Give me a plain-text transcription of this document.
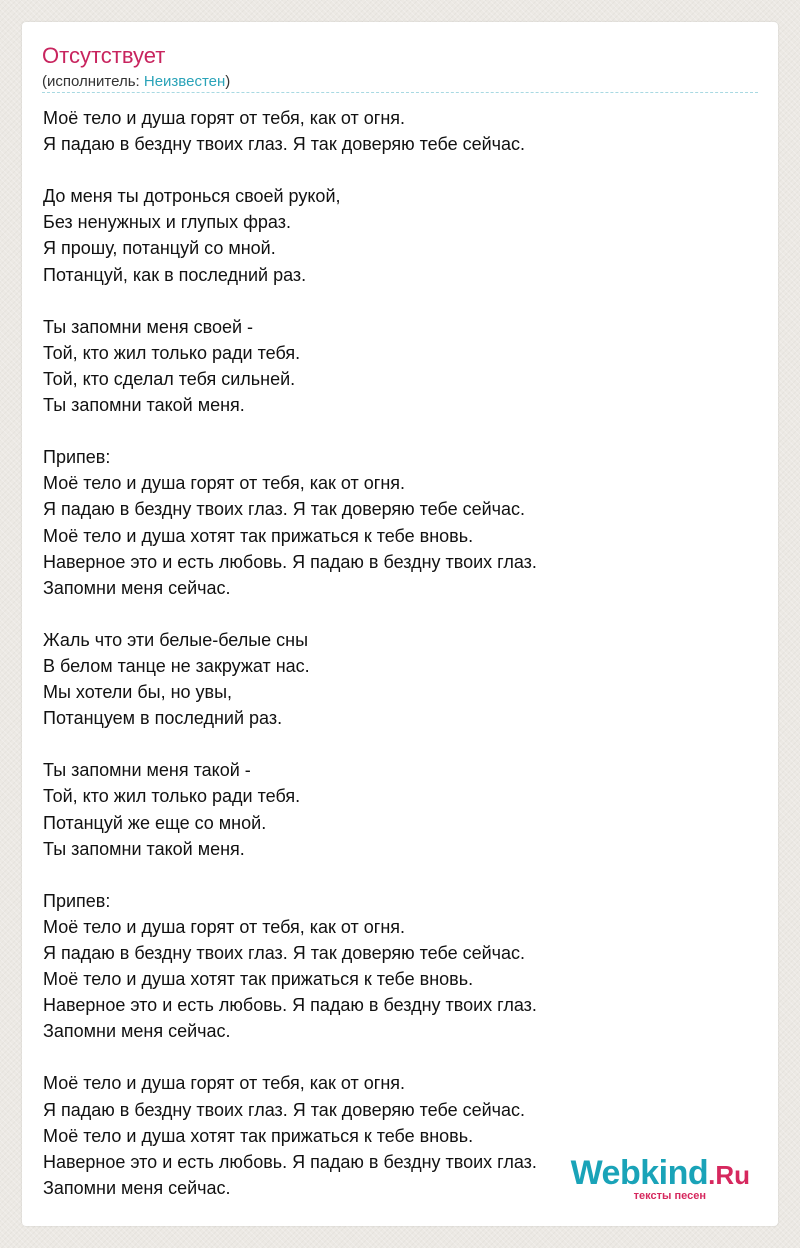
Отсутствует
(исполнитель: Неизвестен)
Моё тело и душа горят от тебя, как от огня.
Я падаю в бездну твоих глаз. Я так доверяю тебе сейчас.
До меня ты дотронься своей рукой,
Без ненужных и глупых фраз.
Я прошу, потанцуй со мной.
Потанцуй, как в последний раз.
Ты запомни меня своей -
Той, кто жил только ради тебя.
Той, кто сделал тебя сильней.
Ты запомни такой меня.
Припев:
Моё тело и душа горят от тебя, как от огня.
Я падаю в бездну твоих глаз. Я так доверяю тебе сейчас.
Моё тело и душа хотят так прижаться к тебе вновь.
Наверное это и есть любовь. Я падаю в бездну твоих глаз.
Запомни меня сейчас.
Жаль что эти белые-белые сны
В белом танце не закружат нас.
Мы хотели бы, но увы,
Потанцуем в последний раз.
Ты запомни меня такой -
Той, кто жил только ради тебя.
Потанцуй же еще со мной.
Ты запомни такой меня.
Припев:
Моё тело и душа горят от тебя, как от огня.
Я падаю в бездну твоих глаз. Я так доверяю тебе сейчас.
Моё тело и душа хотят так прижаться к тебе вновь.
Наверное это и есть любовь. Я падаю в бездну твоих глаз.
Запомни меня сейчас.
Моё тело и душа горят от тебя, как от огня.
Я падаю в бездну твоих глаз. Я так доверяю тебе сейчас.
Моё тело и душа хотят так прижаться к тебе вновь.
Наверное это и есть любовь. Я падаю в бездну твоих глаз.
Запомни меня сейчас.	Webkind.Ru
тексты песен
